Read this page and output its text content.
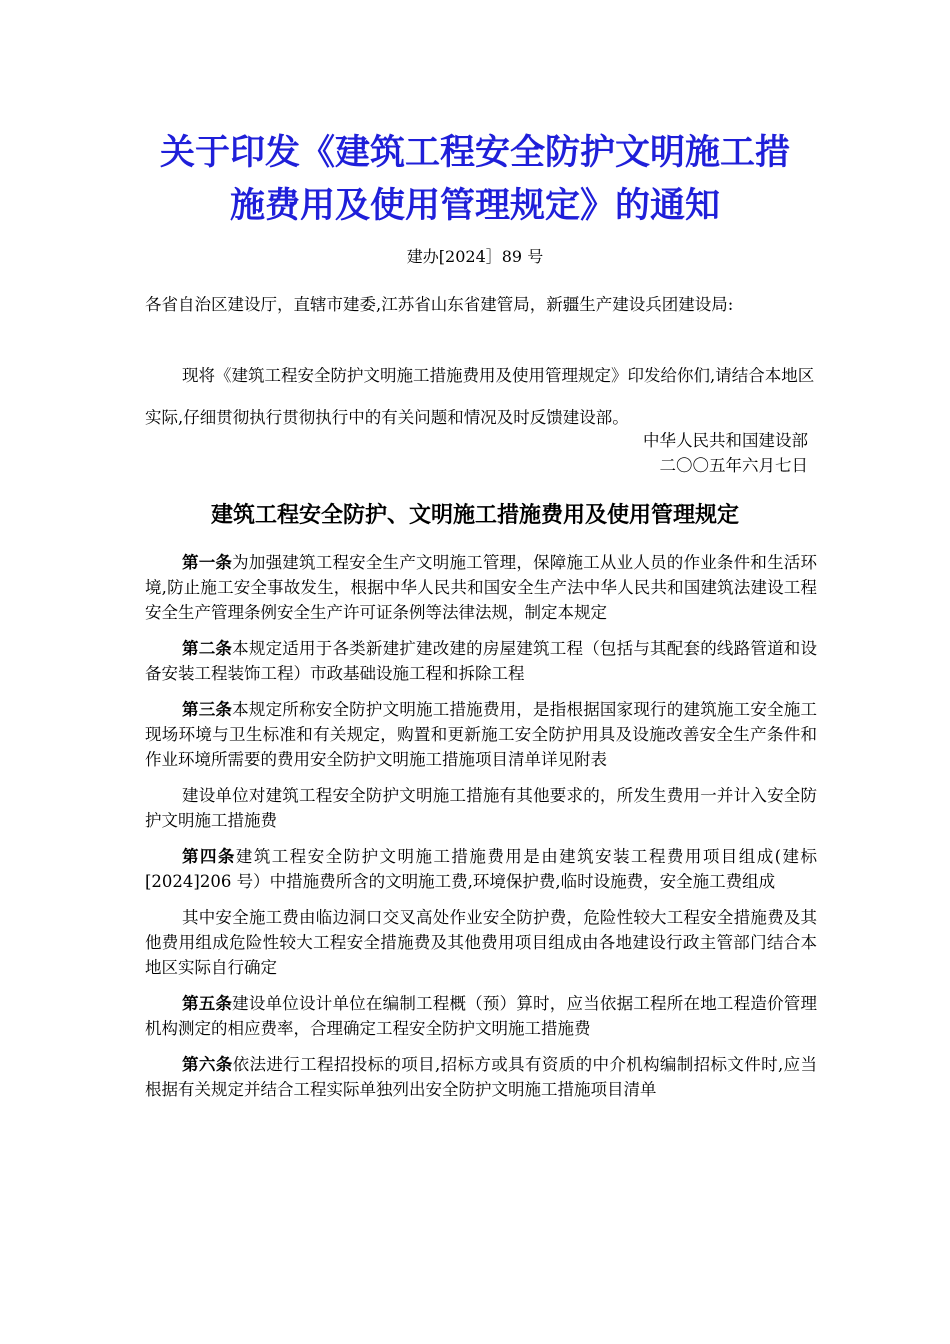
关于印发《建筑工程安全防护文明施工措
施费用及使用管理规定》的通知
建办[2024］89 号
各省自治区建设厅，直辖市建委,江苏省山东省建管局，新疆生产建设兵团建设局:
现将《建筑工程安全防护文明施工措施费用及使用管理规定》印发给你们,请结合本地区实际,仔细贯彻执行贯彻执行中的有关问题和情况及时反馈建设部。
中华人民共和国建设部
二〇〇五年六月七日
建筑工程安全防护、文明施工措施费用及使用管理规定

第一条为加强建筑工程安全生产文明施工管理，保障施工从业人员的作业条件和生活环境,防止施工安全事故发生，根据中华人民共和国安全生产法中华人民共和国建筑法建设工程安全生产管理条例安全生产许可证条例等法律法规，制定本规定

第二条本规定适用于各类新建扩建改建的房屋建筑工程（包括与其配套的线路管道和设备安装工程装饰工程）市政基础设施工程和拆除工程

第三条本规定所称安全防护文明施工措施费用，是指根据国家现行的建筑施工安全施工现场环境与卫生标准和有关规定，购置和更新施工安全防护用具及设施改善安全生产条件和作业环境所需要的费用安全防护文明施工措施项目清单详见附表

建设单位对建筑工程安全防护文明施工措施有其他要求的，所发生费用一并计入安全防护文明施工措施费

第四条建筑工程安全防护文明施工措施费用是由建筑安装工程费用项目组成(建标[2024]206 号）中措施费所含的文明施工费,环境保护费,临时设施费，安全施工费组成

其中安全施工费由临边洞口交叉高处作业安全防护费，危险性较大工程安全措施费及其他费用组成危险性较大工程安全措施费及其他费用项目组成由各地建设行政主管部门结合本地区实际自行确定

第五条建设单位设计单位在编制工程概（预）算时，应当依据工程所在地工程造价管理机构测定的相应费率，合理确定工程安全防护文明施工措施费

第六条依法进行工程招投标的项目,招标方或具有资质的中介机构编制招标文件时,应当根据有关规定并结合工程实际单独列出安全防护文明施工措施项目清单
